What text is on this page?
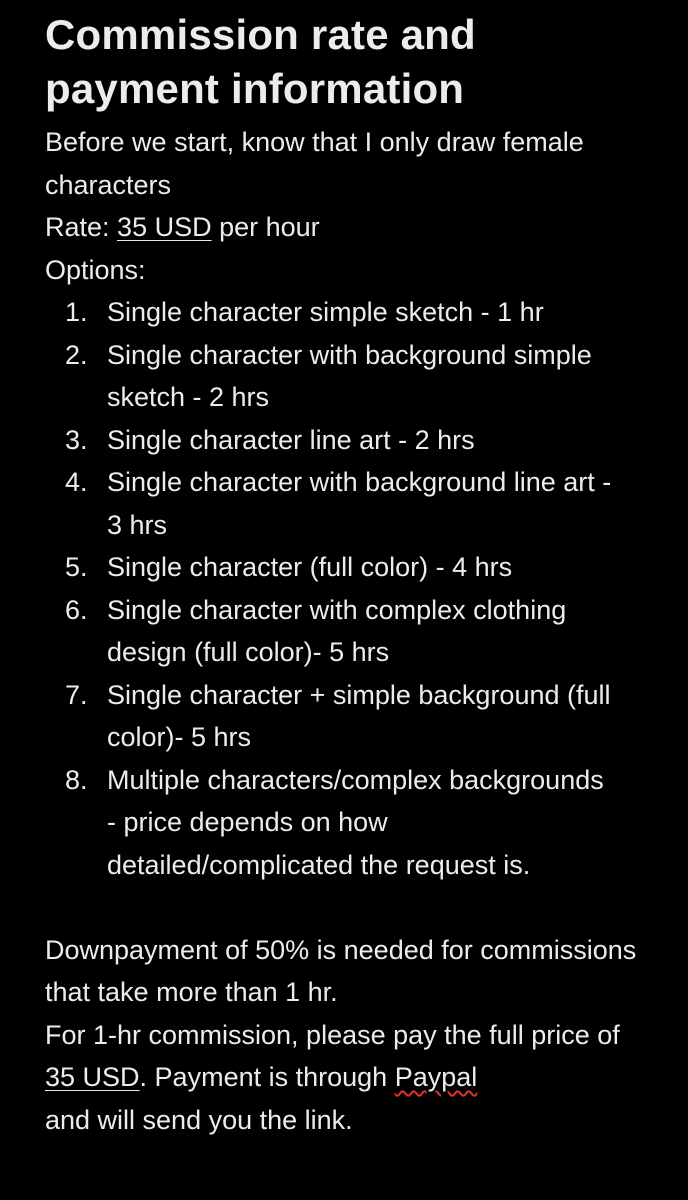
Commission rate and
payment information
Before we start, know that I only draw female characters
Rate: 35 USD per hour
Options:
1. Single character simple sketch - 1 hr
2. Single character with background simple sketch - 2 hrs
3. Single character line art - 2 hrs
4. Single character with background line art - 3 hrs
5. Single character (full color) - 4 hrs
6. Single character with complex clothing design (full color)- 5 hrs
7. Single character + simple background (full color)- 5 hrs
8. Multiple characters/complex backgrounds - price depends on how detailed/complicated the request is.
Downpayment of 50% is needed for commissions that take more than 1 hr.
For 1-hr commission, please pay the full price of 35 USD. Payment is through Paypal
and will send you the link.
